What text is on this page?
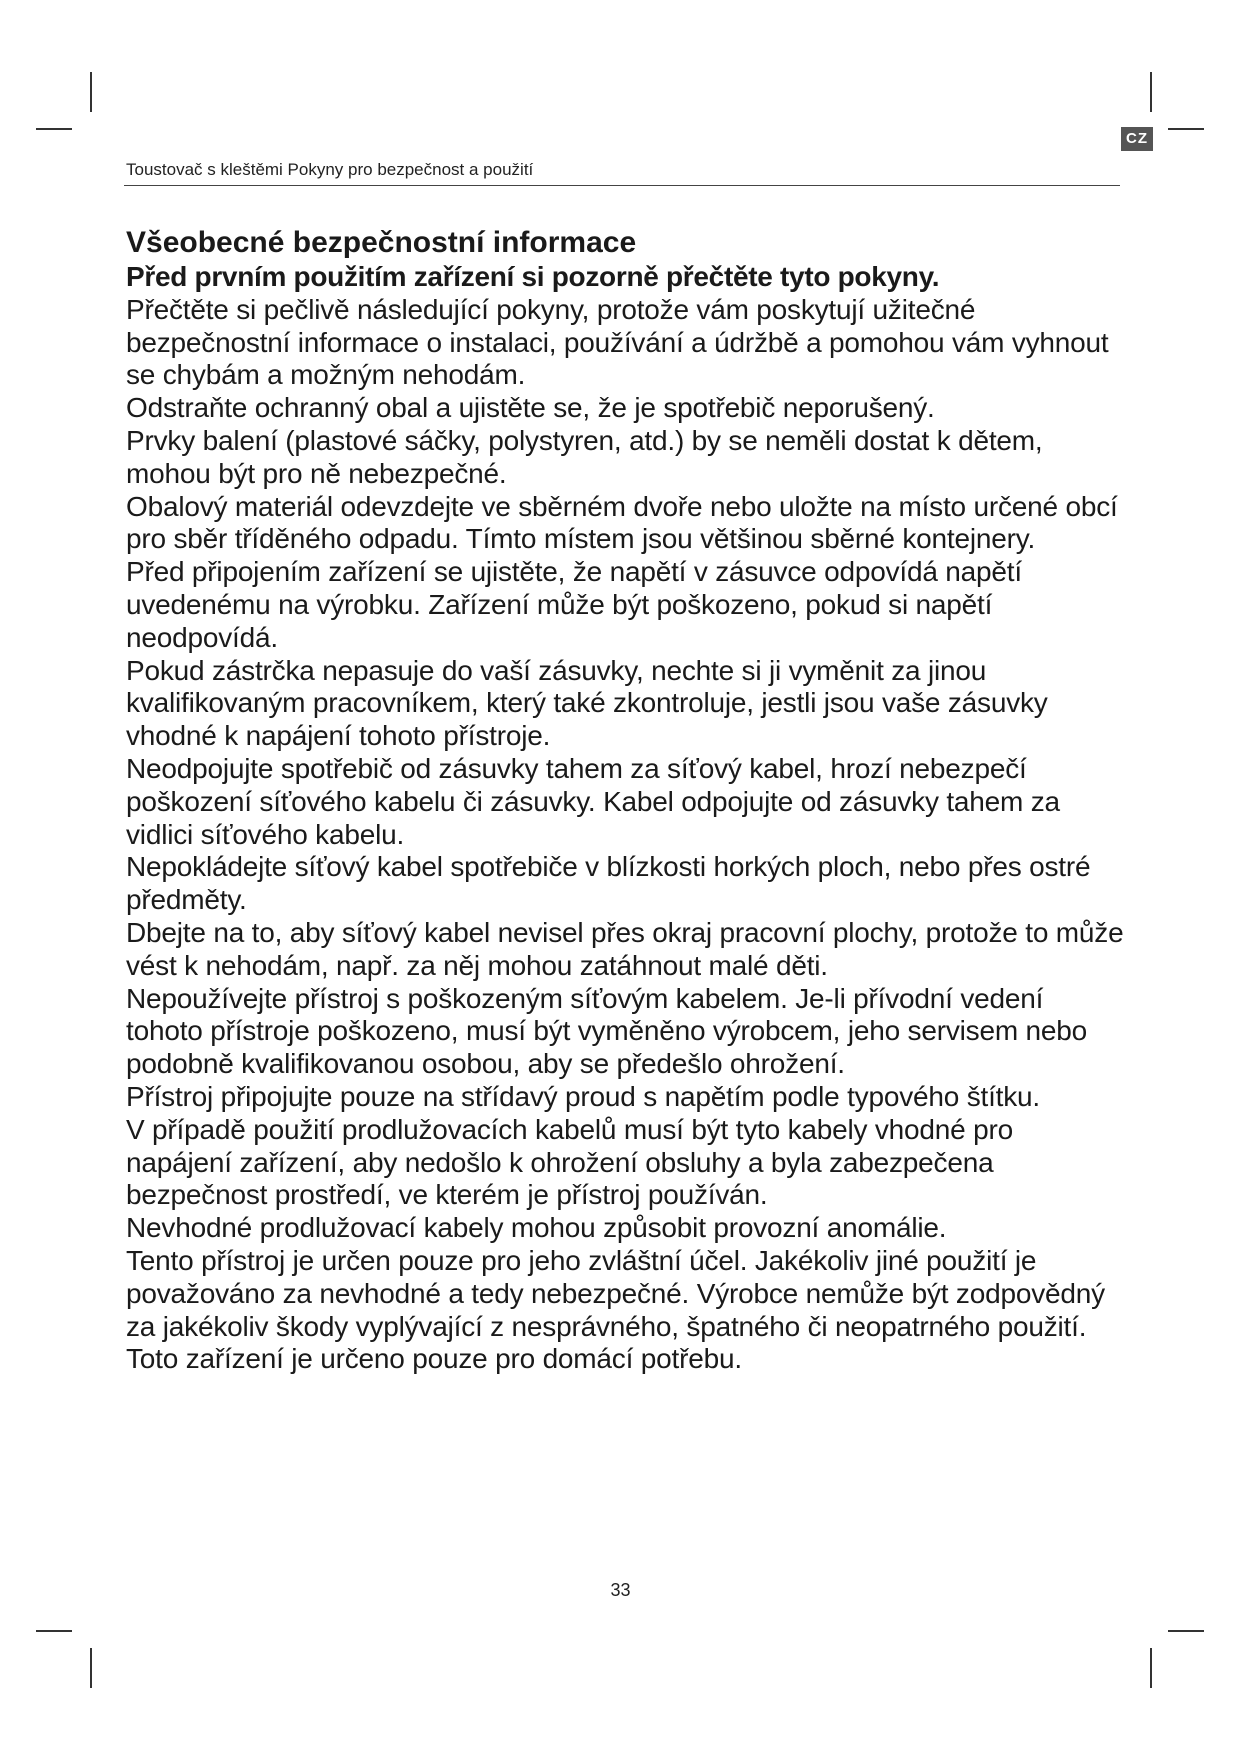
CZ
Toustovač s kleštěmi Pokyny pro bezpečnost a použití
Všeobecné bezpečnostní informace

Před prvním použitím zařízení si pozorně přečtěte tyto pokyny.

Přečtěte si pečlivě následující pokyny, protože vám poskytují užitečné bezpečnostní informace o instalaci, používání a údržbě a pomohou vám vyhnout se chybám a možným nehodám.

Odstraňte ochranný obal a ujistěte se, že je spotřebič neporušený.

Prvky balení (plastové sáčky, polystyren, atd.) by se neměli dostat k dětem, mohou být pro ně nebezpečné.

Obalový materiál odevzdejte ve sběrném dvoře nebo uložte na místo určené obcí pro sběr tříděného odpadu. Tímto místem jsou většinou sběrné kontejnery.

Před připojením zařízení se ujistěte, že napětí v zásuvce odpovídá napětí uvedenému na výrobku. Zařízení může být poškozeno, pokud si napětí neodpovídá.

Pokud zástrčka nepasuje do vaší zásuvky, nechte si ji vyměnit za jinou kvalifikovaným pracovníkem, který také zkontroluje, jestli jsou vaše zásuvky vhodné k napájení tohoto přístroje.

Neodpojujte spotřebič od zásuvky tahem za síťový kabel, hrozí nebezpečí poškození síťového kabelu či zásuvky. Kabel odpojujte od zásuvky tahem za vidlici síťového kabelu.

Nepokládejte síťový kabel spotřebiče v blízkosti horkých ploch, nebo přes ostré předměty.

Dbejte na to, aby síťový kabel nevisel přes okraj pracovní plochy, protože to může vést k nehodám, např. za něj mohou zatáhnout malé děti.

Nepoužívejte přístroj s poškozeným síťovým kabelem. Je-li přívodní vedení tohoto přístroje poškozeno, musí být vyměněno výrobcem, jeho servisem nebo podobně kvalifikovanou osobou, aby se předešlo ohrožení.

Přístroj připojujte pouze na střídavý proud s napětím podle typového štítku.

V případě použití prodlužovacích kabelů musí být tyto kabely vhodné pro napájení zařízení, aby nedošlo k ohrožení obsluhy a byla zabezpečena bezpečnost prostředí, ve kterém je přístroj používán.

Nevhodné prodlužovací kabely mohou způsobit provozní anomálie.

Tento přístroj je určen pouze pro jeho zvláštní účel. Jakékoliv jiné použití je považováno za nevhodné a tedy nebezpečné. Výrobce nemůže být zodpovědný za jakékoliv škody vyplývající z nesprávného, špatného či neopatrného použití. Toto zařízení je určeno pouze pro domácí potřebu.

33
